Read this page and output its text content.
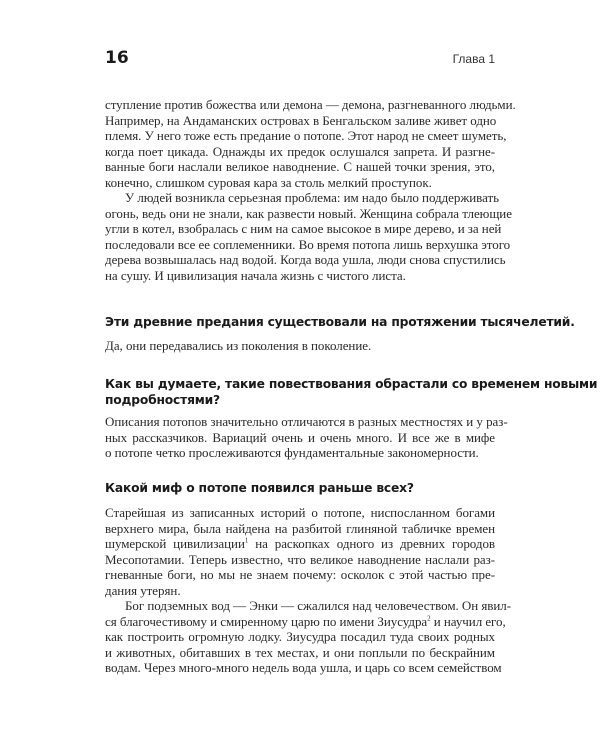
16	Глава 1
ступление против божества или демона — демона, разгневанного людьми.
Например, на Андаманских островах в Бенгальском заливе живет одно
племя. У него тоже есть предание о потопе. Этот народ не смеет шуметь,
когда поет цикада. Однажды их предок ослушался запрета. И разгне-
ванные боги наслали великое наводнение. С нашей точки зрения, это,
конечно, слишком суровая кара за столь мелкий проступок.
У людей возникла серьезная проблема: им надо было поддерживать
огонь, ведь они не знали, как развести новый. Женщина собрала тлеющие
угли в котел, взобралась с ним на самое высокое в мире дерево, и за ней
последовали все ее соплеменники. Во время потопа лишь верхушка этого
дерева возвышалась над водой. Когда вода ушла, люди снова спустились
на сушу. И цивилизация начала жизнь с чистого листа.
Эти древние предания существовали на протяжении тысячелетий.
Да, они передавались из поколения в поколение.
Как вы думаете, такие повествования обрастали со временем новыми
подробностями?
Описания потопов значительно отличаются в разных местностях и у раз-
ных рассказчиков. Вариаций очень и очень много. И все же в мифе
о потопе четко прослеживаются фундаментальные закономерности.
Какой миф о потопе появился раньше всех?
Старейшая из записанных историй о потопе, ниспосланном богами
верхнего мира, была найдена на разбитой глиняной табличке времен
шумерской цивилизации$^1$ на раскопках одного из древних городов
Месопотамии. Теперь известно, что великое наводнение наслали раз-
гневанные боги, но мы не знаем почему: осколок с этой частью пре-
дания утерян.
Бог подземных вод — Энки — сжалился над человечеством. Он явил-
ся благочестивому и смиренному царю по имени Зиусудра$^2$ и научил его,
как построить огромную лодку. Зиусудра посадил туда своих родных
и животных, обитавших в тех местах, и они поплыли по бескрайним
водам. Через много-много недель вода ушла, и царь со всем семейством
